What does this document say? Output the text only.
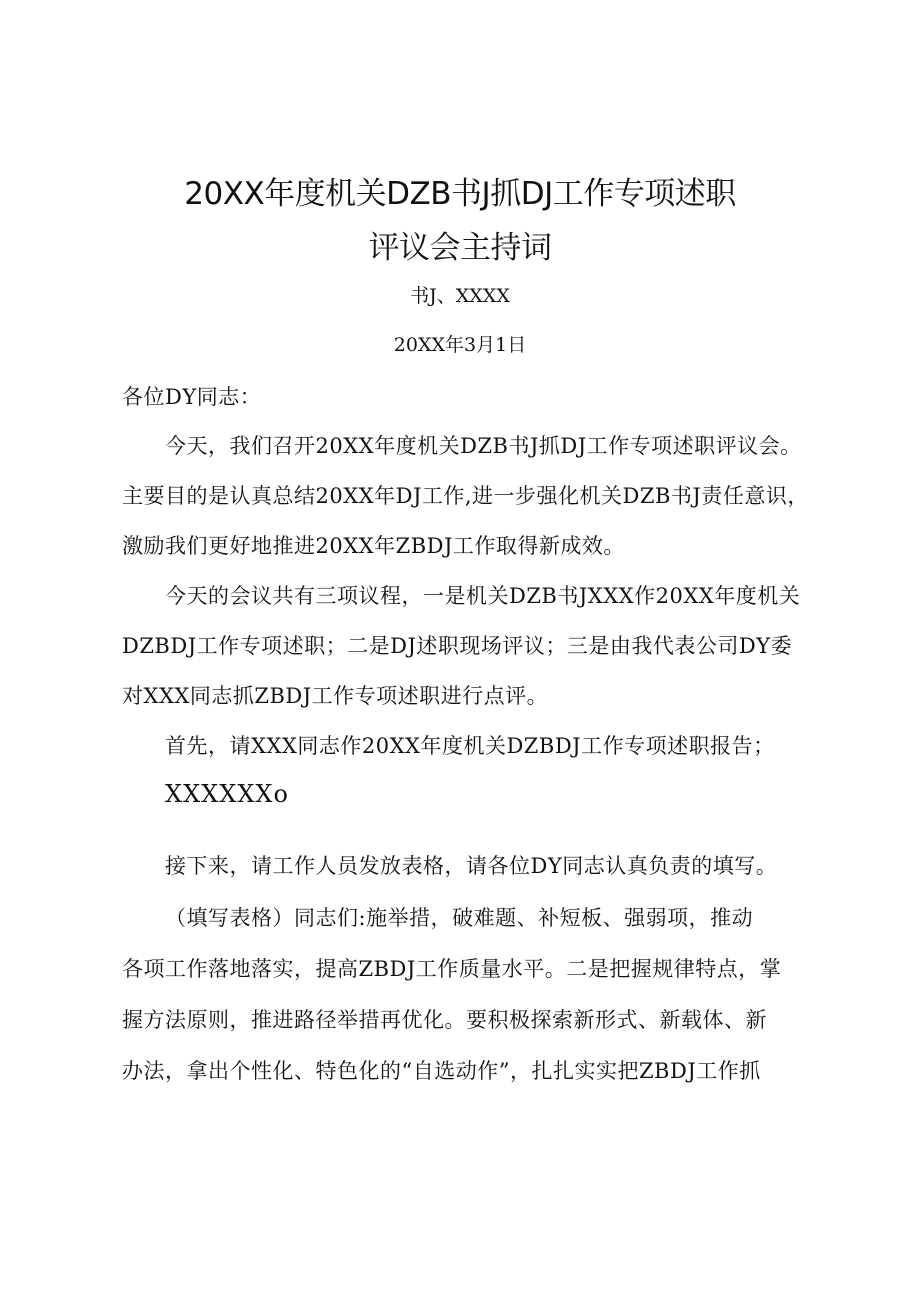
20XX年度机关DZB书J抓DJ工作专项述职
评议会主持词
书J、XXXX
20XX年3月1日
各位DY同志：
今天，我们召开20XX年度机关DZB书J抓DJ工作专项述职评议会。
主要目的是认真总结20XX年DJ工作,进一步强化机关DZB书J责任意识，
激励我们更好地推进20XX年ZBDJ工作取得新成效。
今天的会议共有三项议程，一是机关DZB书JXXX作20XX年度机关
DZBDJ工作专项述职；二是DJ述职现场评议；三是由我代表公司DY委
对XXX同志抓ZBDJ工作专项述职进行点评。
首先，请XXX同志作20XX年度机关DZBDJ工作专项述职报告；
XXXXXXo
接下来，请工作人员发放表格，请各位DY同志认真负责的填写。
（填写表格）同志们:施举措，破难题、补短板、强弱项，推动
各项工作落地落实，提高ZBDJ工作质量水平。二是把握规律特点，掌
握方法原则，推进路径举措再优化。要积极探索新形式、新载体、新
办法，拿出个性化、特色化的“自选动作”，扎扎实实把ZBDJ工作抓
